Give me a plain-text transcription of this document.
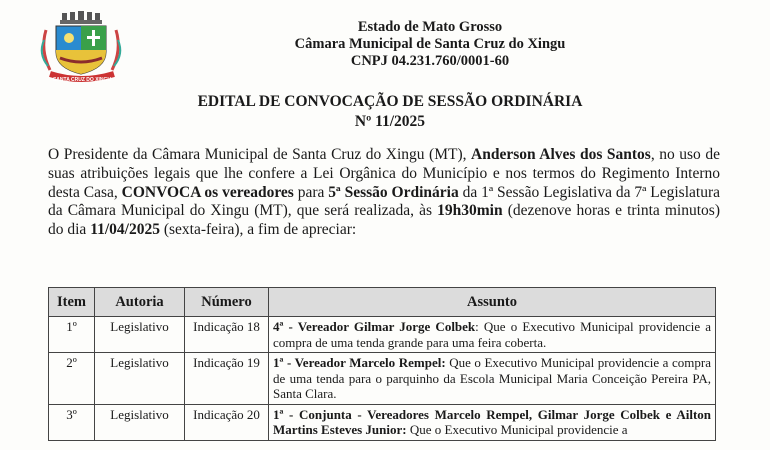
SANTA CRUZ DO XINGU
Estado de Mato Grosso
Câmara Municipal de Santa Cruz do Xingu
CNPJ 04.231.760/0001-60
EDITAL DE CONVOCAÇÃO DE SESSÃO ORDINÁRIA
Nº 11/2025
O Presidente da Câmara Municipal de Santa Cruz do Xingu (MT), Anderson Alves dos Santos, no uso de suas atribuições legais que lhe confere a Lei Orgânica do Município e nos termos do Regimento Interno desta Casa, CONVOCA os vereadores para 5ª Sessão Ordinária da 1ª Sessão Legislativa da 7ª Legislatura da Câmara Municipal do Xingu (MT), que será realizada, às 19h30min (dezenove horas e trinta minutos) do dia 11/04/2025 (sexta-feira), a fim de apreciar:
Item	Autoria	Número	Assunto
1º	Legislativo	Indicação 18	4ª - Vereador Gilmar Jorge Colbek: Que o Executivo Municipal providencie a compra de uma tenda grande para uma feira coberta.
2º	Legislativo	Indicação 19	1ª - Vereador Marcelo Rempel: Que o Executivo Municipal providencie a compra de uma tenda para o parquinho da Escola Municipal Maria Conceição Pereira PA, Santa Clara.
3º	Legislativo	Indicação 20	1ª - Conjunta - Vereadores Marcelo Rempel, Gilmar Jorge Colbek e Ailton Martins Esteves Junior: Que o Executivo Municipal providencie a
